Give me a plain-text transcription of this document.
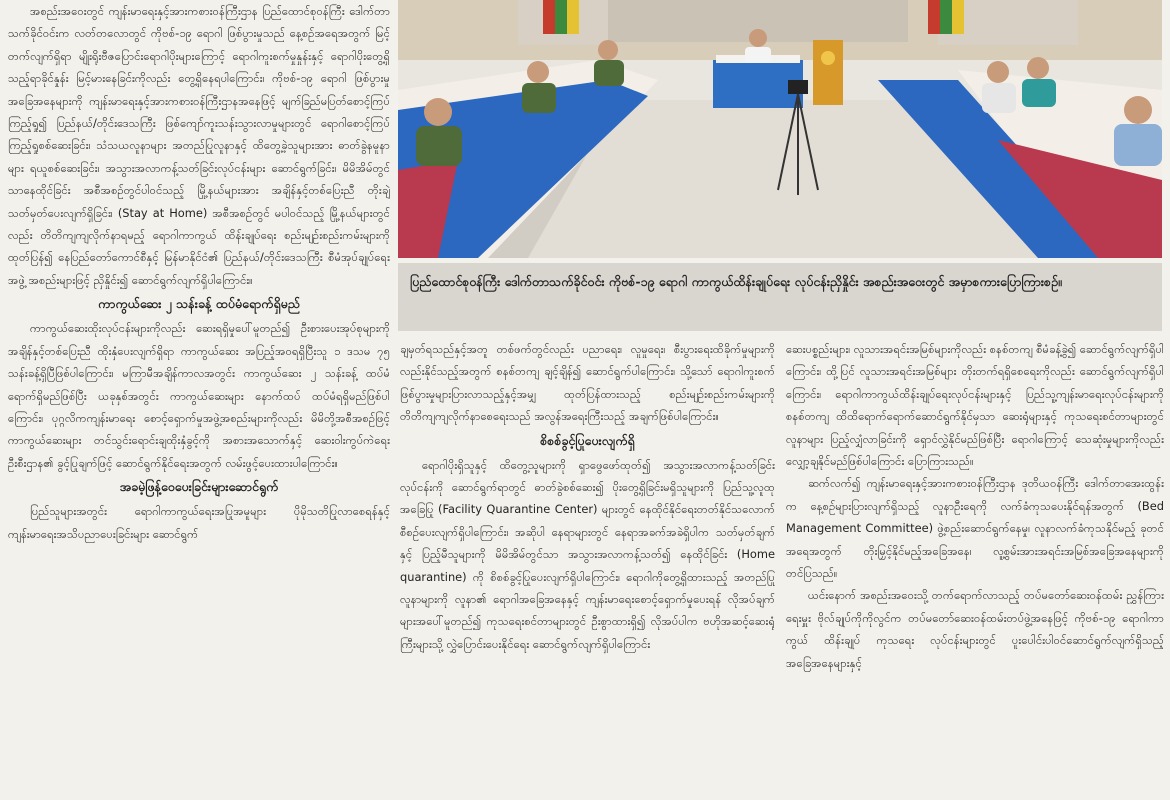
အစည်းအဝေးတွင် ကျန်းမာရေးနှင့်အားကစားဝန်ကြီးဌာန ပြည်ထောင်စုဝန်ကြီး ဒေါက်တာသက်ခိုင်ဝင်းက လတ်တလောတွင် ကိုဗစ်-၁၉ ရောဂါ ဖြစ်ပွားမှုသည် နေ့စဉ်အရေအတွက် မြင့်တက်လျက်ရှိရာ မျိုးရိုးဗီဇပြောင်းရောဂါပိုးများကြောင့် ရောဂါကူးစက်မှုနှုန်းနှင့် ရောဂါပိုးတွေ့ရှိသည့်ရာခိုင်နှုန်း မြင့်မားနေခြင်းကိုလည်း တွေ့ရှိနေရပါကြောင်း၊ ကိုဗစ်-၁၉ ရောဂါ ဖြစ်ပွားမှုအခြေအနေများကို ကျန်းမာရေးနှင့်အားကစားဝန်ကြီးဌာနအနေဖြင့် မျက်ခြည်မပြတ်စောင့်ကြပ်ကြည့်ရှု၍ ပြည်နယ်/တိုင်းဒေသကြီး ဖြစ်ကျော်ကူးသန်းသွားလာမှုများတွင် ရောဂါစောင့်ကြပ်ကြည့်ရှုစစ်ဆေးခြင်း၊ သံသယလူနာများ အတည်ပြုလူနာနှင့် ထိတွေ့ခဲ့သူများအား ဓာတ်ခွဲနမူနာများ ရယူစစ်ဆေးခြင်း၊ အသွားအလာကန့်သတ်ခြင်းလုပ်ငန်းများ ဆောင်ရွက်ခြင်း၊ မိမိအိမ်တွင်သာနေထိုင်ခြင်း အစီအစဉ်တွင်ပါဝင်သည့် မြို့နယ်များအား အချိန်နှင့်တစ်ပြေးညီ တိုးချဲ့သတ်မှတ်ပေးလျက်ရှိခြင်း၊ (Stay at Home) အစီအစဉ်တွင် မပါဝင်သည့် မြို့နယ်များတွင်လည်း တိတိကျကျလိုက်နာရမည့် ရောဂါကာကွယ် ထိန်းချုပ်ရေး စည်းမျဉ်းစည်းကမ်းများကို ထုတ်ပြန်၍ နေပြည်တော်ကောင်စီနှင့် မြန်မာနိုင်ငံ၏ ပြည်နယ်/တိုင်းဒေသကြီး စီမံအုပ်ချုပ်ရေးအဖွဲ့ အစည်းများဖြင့် ညှိနှိုင်း၍ ဆောင်ရွက်လျက်ရှိပါကြောင်း။

ကာကွယ်ဆေး ၂ သန်းခန့် ထပ်မံရောက်ရှိမည်

ကာကွယ်ဆေးထိုးလုပ်ငန်းများကိုလည်း ဆေးရရှိမှုပေါ်မူတည်၍ ဦးစားပေးအုပ်စုများကို အချိန်နှင့်တစ်ပြေးညီ ထိုးနှံပေးလျက်ရှိရာ ကာကွယ်ဆေး အပြည့်အဝရရှိပြီးသူ ၁ ဒသမ ၇၅ သန်းခန့်ရှိပြီဖြစ်ပါကြောင်း၊ မကြာမီအချိန်ကာလအတွင်း ကာကွယ်ဆေး ၂ သန်းခန့် ထပ်မံရောက်ရှိမည်ဖြစ်ပြီး ယခုနှစ်အတွင်း ကာကွယ်ဆေးများ နောက်ထပ် ထပ်မံရရှိမည်ဖြစ်ပါကြောင်း၊ ပုဂ္ဂလိကကျန်းမာရေး စောင့်ရှောက်မှုအဖွဲ့အစည်းများကိုလည်း မိမိတို့အစီအစဉ်ဖြင့် ကာကွယ်ဆေးများ တင်သွင်းရောင်းချထိုးနှံခွင့်ကို အစားအသောက်နှင့် ဆေးဝါးကွပ်ကဲရေးဦးစီးဌာန၏ ခွင့်ပြုချက်ဖြင့် ဆောင်ရွက်နိုင်ရေးအတွက် လမ်းဖွင့်ပေးထားပါကြောင်း။

အခမဲ့ဖြန့်ဝေပေးခြင်းများဆောင်ရွက်

ပြည်သူများအတွင်း ရောဂါကာကွယ်ရေးအပြုအမူများ ပိုမိုသတိပြုလာစေရန်နှင့် ကျန်းမာရေးအသိပညာပေးခြင်းများ ဆောင်ရွက်

ပြည်ထောင်စုဝန်ကြီး ဒေါက်တာသက်ခိုင်ဝင်း ကိုဗစ်-၁၉ ရောဂါ ကာကွယ်ထိန်းချုပ်ရေး လုပ်ငန်းညှိနှိုင်း အစည်းအဝေးတွင် အမှာစကားပြောကြားစဉ်။

ချမှတ်ရသည်နှင့်အတူ တစ်ဖက်တွင်လည်း ပညာရေး၊ လူမှုရေး၊ စီးပွားရေးထိခိုက်မှုများကိုလည်းနိုင်သည့်အတွက် စနစ်တကျ ချင့်ချိန်၍ ဆောင်ရွက်ပါကြောင်း၊ သို့သော် ရောဂါကူးစက်ဖြစ်ပွားမှုများပြားလာသည့်နှင့်အမျှ ထုတ်ပြန်ထားသည့် စည်းမျဉ်းစည်းကမ်းများကို တိတိကျကျလိုက်နာစေရေးသည် အလွန်အရေးကြီးသည့် အချက်ဖြစ်ပါကြောင်း။

စိစစ်ခွင့်ပြုပေးလျက်ရှိ

ရောဂါပိုးရှိသူနှင့် ထိတွေ့သူများကို ရှာဖွေဖော်ထုတ်၍ အသွားအလာကန့်သတ်ခြင်းလုပ်ငန်းကို ဆောင်ရွက်ရာတွင် ဓာတ်ခွဲစစ်ဆေး၍ ပိုးတွေ့ရှိခြင်းမရှိသူများကို ပြည်သူ့လူထုအခြေပြု (Facility Quarantine Center) များတွင် နေထိုင်နိုင်ရေးတတ်နိုင်သလောက် စီစဉ်ပေးလျက်ရှိပါကြောင်း၊ အဆိုပါ နေရာများတွင် နေရာအခက်အခဲရှိပါက သတ်မှတ်ချက်နှင့် ပြည့်မီသူများကို မိမိအိမ်တွင်သာ အသွားအလာကန့်သတ်၍ နေထိုင်ခြင်း (Home quarantine) ကို စိစစ်ခွင့်ပြုပေးလျက်ရှိပါကြောင်း၊ ရောဂါကိုတွေ့ရှိထားသည့် အတည်ပြုလူနာများကို လူနာ၏ ရောဂါအခြေအနေနှင့် ကျန်းမာရေးစောင့်ရှောက်မှုပေးရန် လိုအပ်ချက်များအပေါ်မူတည်၍ ကုသရေးစင်တာများတွင် ဦးစွာထားရှိ၍ လိုအပ်ပါက ဗဟိုအဆင့်ဆေးရုံကြီးများသို့ လွှဲပြောင်းပေးနိုင်ရေး ဆောင်ရွက်လျက်ရှိပါကြောင်း

ဆေးပစ္စည်းများ၊ လူသားအရင်းအမြစ်များကိုလည်း စနစ်တကျ စီမံခန့်ခွဲ၍ ဆောင်ရွက်လျက်ရှိပါကြောင်း၊ ထို့ပြင် လူသားအရင်းအမြစ်များ တိုးတက်ရရှိစေရေးကိုလည်း ဆောင်ရွက်လျက်ရှိပါကြောင်း၊ ရောဂါကာကွယ်ထိန်းချုပ်ရေးလုပ်ငန်းများနှင့် ပြည်သူ့ကျန်းမာရေးလုပ်ငန်းများကို စနစ်တကျ ထိထိရောက်ရောက်ဆောင်ရွက်နိုင်မှသာ ဆေးရုံများနှင့် ကုသရေးစင်တာများတွင် လူနာများ ပြည့်လျှံလာခြင်းကို ရှောင်လွှဲနိုင်မည်ဖြစ်ပြီး ရောဂါကြောင့် သေဆုံးမှုများကိုလည်း လျှော့ချနိုင်မည်ဖြစ်ပါကြောင်း ပြောကြားသည်။

ဆက်လက်၍ ကျန်းမာရေးနှင့်အားကစားဝန်ကြီးဌာန ဒုတိယဝန်ကြီး ဒေါက်တာအေးထွန်းက နေ့စဉ်များပြားလျက်ရှိသည့် လူနာဦးရေကို လက်ခံကုသပေးနိုင်ရန်အတွက် (Bed Management Committee) ဖွဲ့စည်းဆောင်ရွက်နေမှု၊ လူနာလက်ခံကုသနိုင်မည့် ခုတင်အရေအတွက် တိုးမြှင့်နိုင်မည့်အခြေအနေ၊ လူ့စွမ်းအားအရင်းအမြစ်အခြေအနေများကို တင်ပြသည်။

ယင်းနောက် အစည်းအဝေးသို့ တက်ရောက်လာသည့် တပ်မတော်ဆေးဝန်ထမ်း ညွှန်ကြားရေးမှူး ဗိုလ်ချုပ်ကိုကိုလွင်က တပ်မတော်ဆေးဝန်ထမ်းတပ်ဖွဲ့အနေဖြင့် ကိုဗစ်-၁၉ ရောဂါကာကွယ် ထိန်းချုပ် ကုသရေး လုပ်ငန်းများတွင် ပူးပေါင်းပါဝင်ဆောင်ရွက်လျက်ရှိသည့် အခြေအနေများနှင့်
